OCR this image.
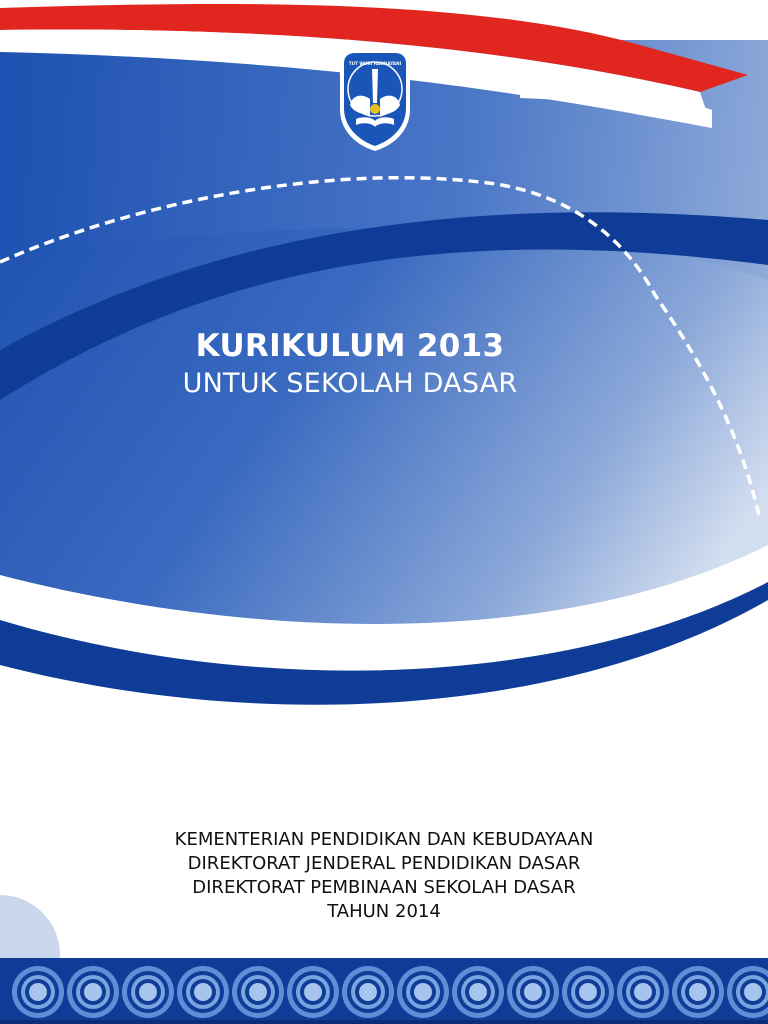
TUT WURI HANDAYANI
KURIKULUM 2013
UNTUK SEKOLAH DASAR
KEMENTERIAN PENDIDIKAN DAN KEBUDAYAAN
DIREKTORAT JENDERAL PENDIDIKAN DASAR
DIREKTORAT PEMBINAAN SEKOLAH DASAR
TAHUN 2014
